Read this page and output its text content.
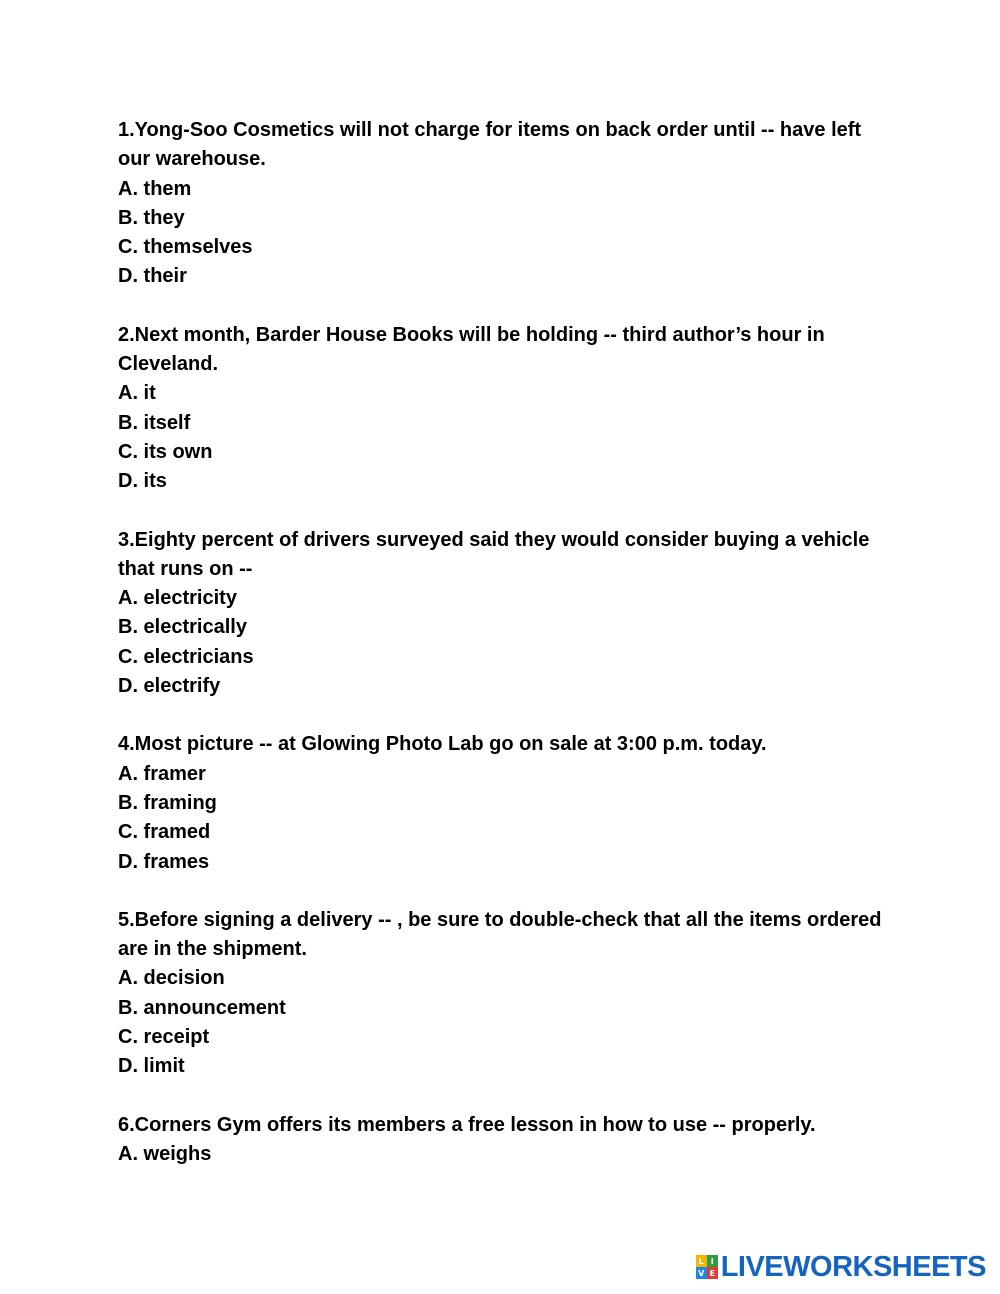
1.Yong-Soo Cosmetics will not charge for items on back order until -- have left our warehouse.

A. them
B. they
C. themselves
D. their

2.Next month, Barder House Books will be holding -- third author’s hour in Cleveland.

A. it
B. itself
C. its own
D. its

3.Eighty percent of drivers surveyed said they would consider buying a vehicle that runs on --

A. electricity
B. electrically
C. electricians
D. electrify

4.Most picture -- at Glowing Photo Lab go on sale at 3:00 p.m. today.

A. framer
B. framing
C. framed
D. frames

5.Before signing a delivery -- , be sure to double-check that all the items ordered are in the shipment.

A. decision
B. announcement
C. receipt
D. limit

6.Corners Gym offers its members a free lesson in how to use -- properly.

A. weighs
L I
V E LIVEWORKSHEETS
